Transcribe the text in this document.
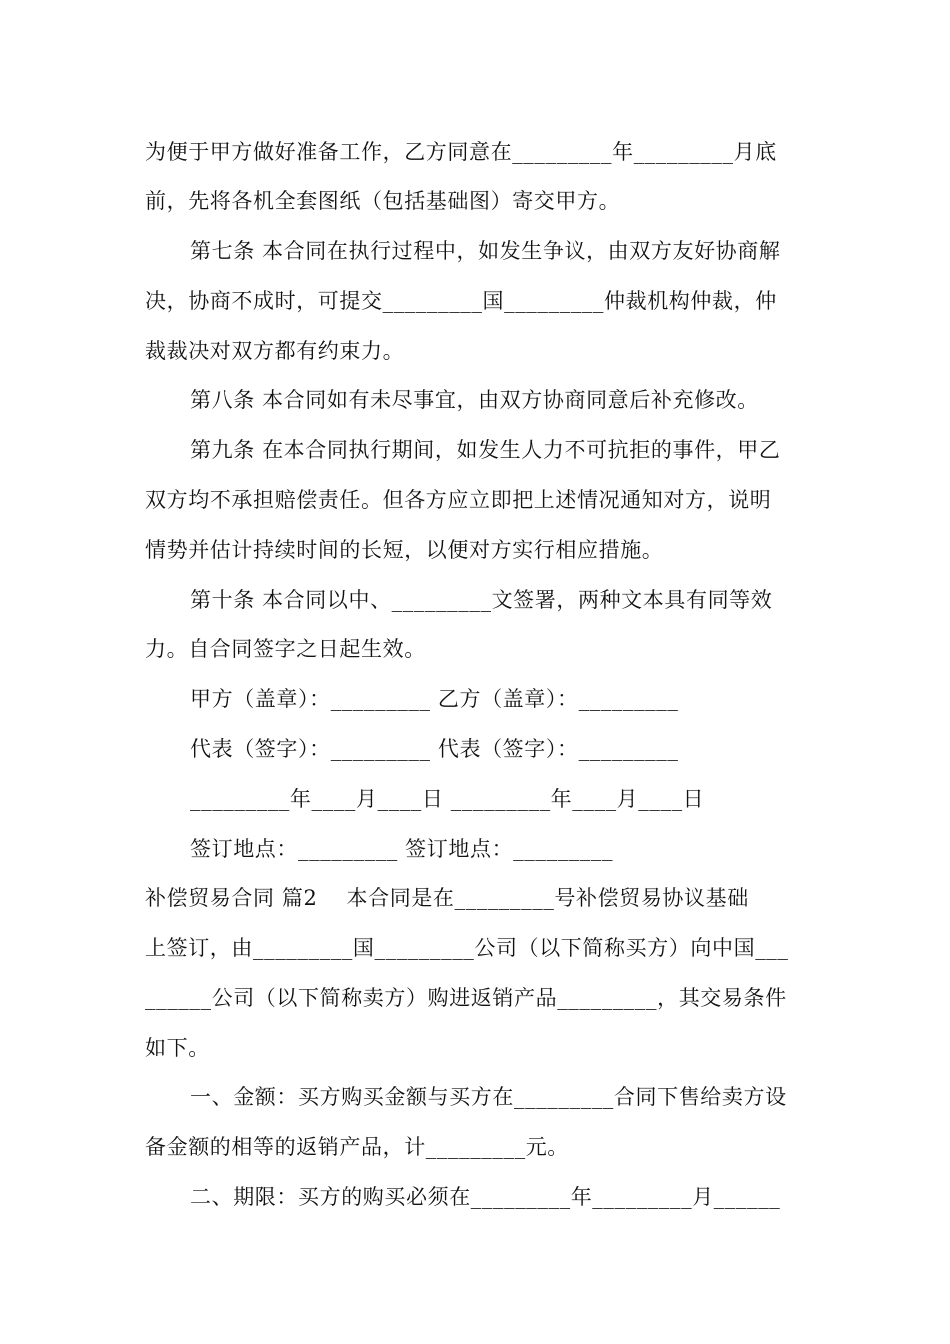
为便于甲方做好准备工作，乙方同意在_________年_________月底
前，先将各机全套图纸（包括基础图）寄交甲方。
第七条 本合同在执行过程中，如发生争议，由双方友好协商解
决，协商不成时，可提交_________国_________仲裁机构仲裁，仲
裁裁决对双方都有约束力。
第八条 本合同如有未尽事宜，由双方协商同意后补充修改。
第九条 在本合同执行期间，如发生人力不可抗拒的事件，甲乙
双方均不承担赔偿责任。但各方应立即把上述情况通知对方，说明
情势并估计持续时间的长短，以便对方实行相应措施。
第十条 本合同以中、_________文签署，两种文本具有同等效
力。自合同签字之日起生效。
甲方（盖章）：_________ 乙方（盖章）：_________
代表（签字）：_________ 代表（签字）：_________
_________年____月____日 _________年____月____日
签订地点：_________ 签订地点：_________
补偿贸易合同 篇2    本合同是在_________号补偿贸易协议基础
上签订，由_________国_________公司（以下简称买方）向中国___
______公司（以下简称卖方）购进返销产品_________，其交易条件
如下。
一、金额：买方购买金额与买方在_________合同下售给卖方设
备金额的相等的返销产品，计_________元。
二、期限：买方的购买必须在_________年_________月______
